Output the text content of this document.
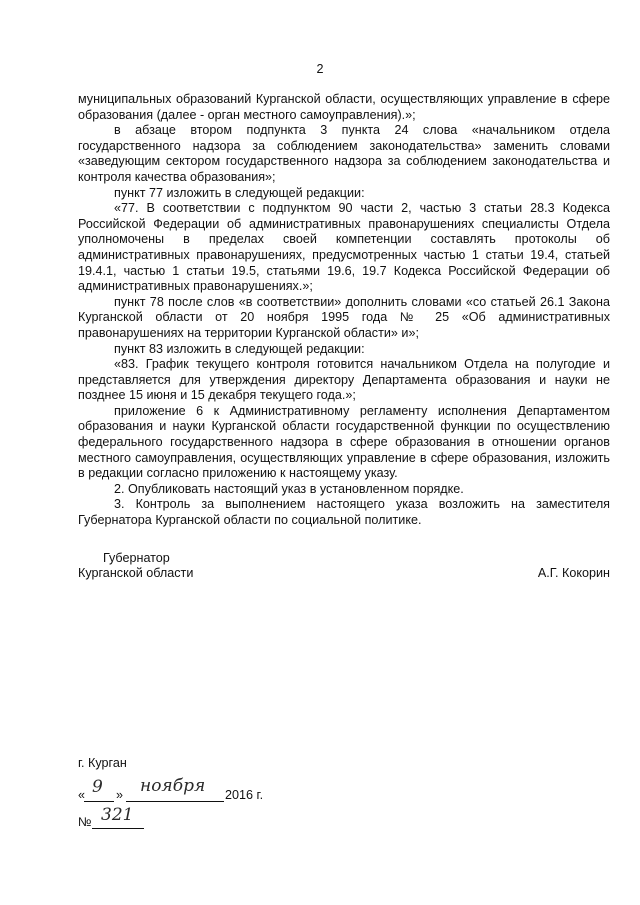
2

муниципальных образований Курганской области, осуществляющих управление в сфере образования (далее - орган местного самоуправления).»;

в абзаце втором подпункта 3 пункта 24 слова «начальником отдела государственного надзора за соблюдением законодательства» заменить словами «заведующим сектором государственного надзора за соблюдением законодательства и контроля качества образования»;

пункт 77 изложить в следующей редакции:

«77. В соответствии с подпунктом 90 части 2, частью 3 статьи 28.3 Кодекса Российской Федерации об административных правонарушениях специалисты Отдела уполномочены в пределах своей компетенции составлять протоколы об административных правонарушениях, предусмотренных частью 1 статьи 19.4, статьей 19.4.1, частью 1 статьи 19.5, статьями 19.6, 19.7 Кодекса Российской Федерации об административных правонарушениях.»;

пункт 78 после слов «в соответствии» дополнить словами «со статьей 26.1 Закона Курганской области от 20 ноября 1995 года № 25 «Об административных правонарушениях на территории Курганской области» и»;

пункт 83 изложить в следующей редакции:

«83. График текущего контроля готовится начальником Отдела на полугодие и представляется для утверждения директору Департамента образования и науки не позднее 15 июня и 15 декабря текущего года.»;

приложение 6 к Административному регламенту исполнения Департаментом образования и науки Курганской области государственной функции по осуществлению федерального государственного надзора в сфере образования в отношении органов местного самоуправления, осуществляющих управление в сфере образования, изложить в редакции согласно приложению к настоящему указу.

2. Опубликовать настоящий указ в установленном порядке.

3. Контроль за выполнением настоящего указа возложить на заместителя Губернатора Курганской области по социальной политике.

Губернатор
Курганской области	А.Г. Кокорин
г. Курган
« 9 » ноября 2016 г.
№ 321
